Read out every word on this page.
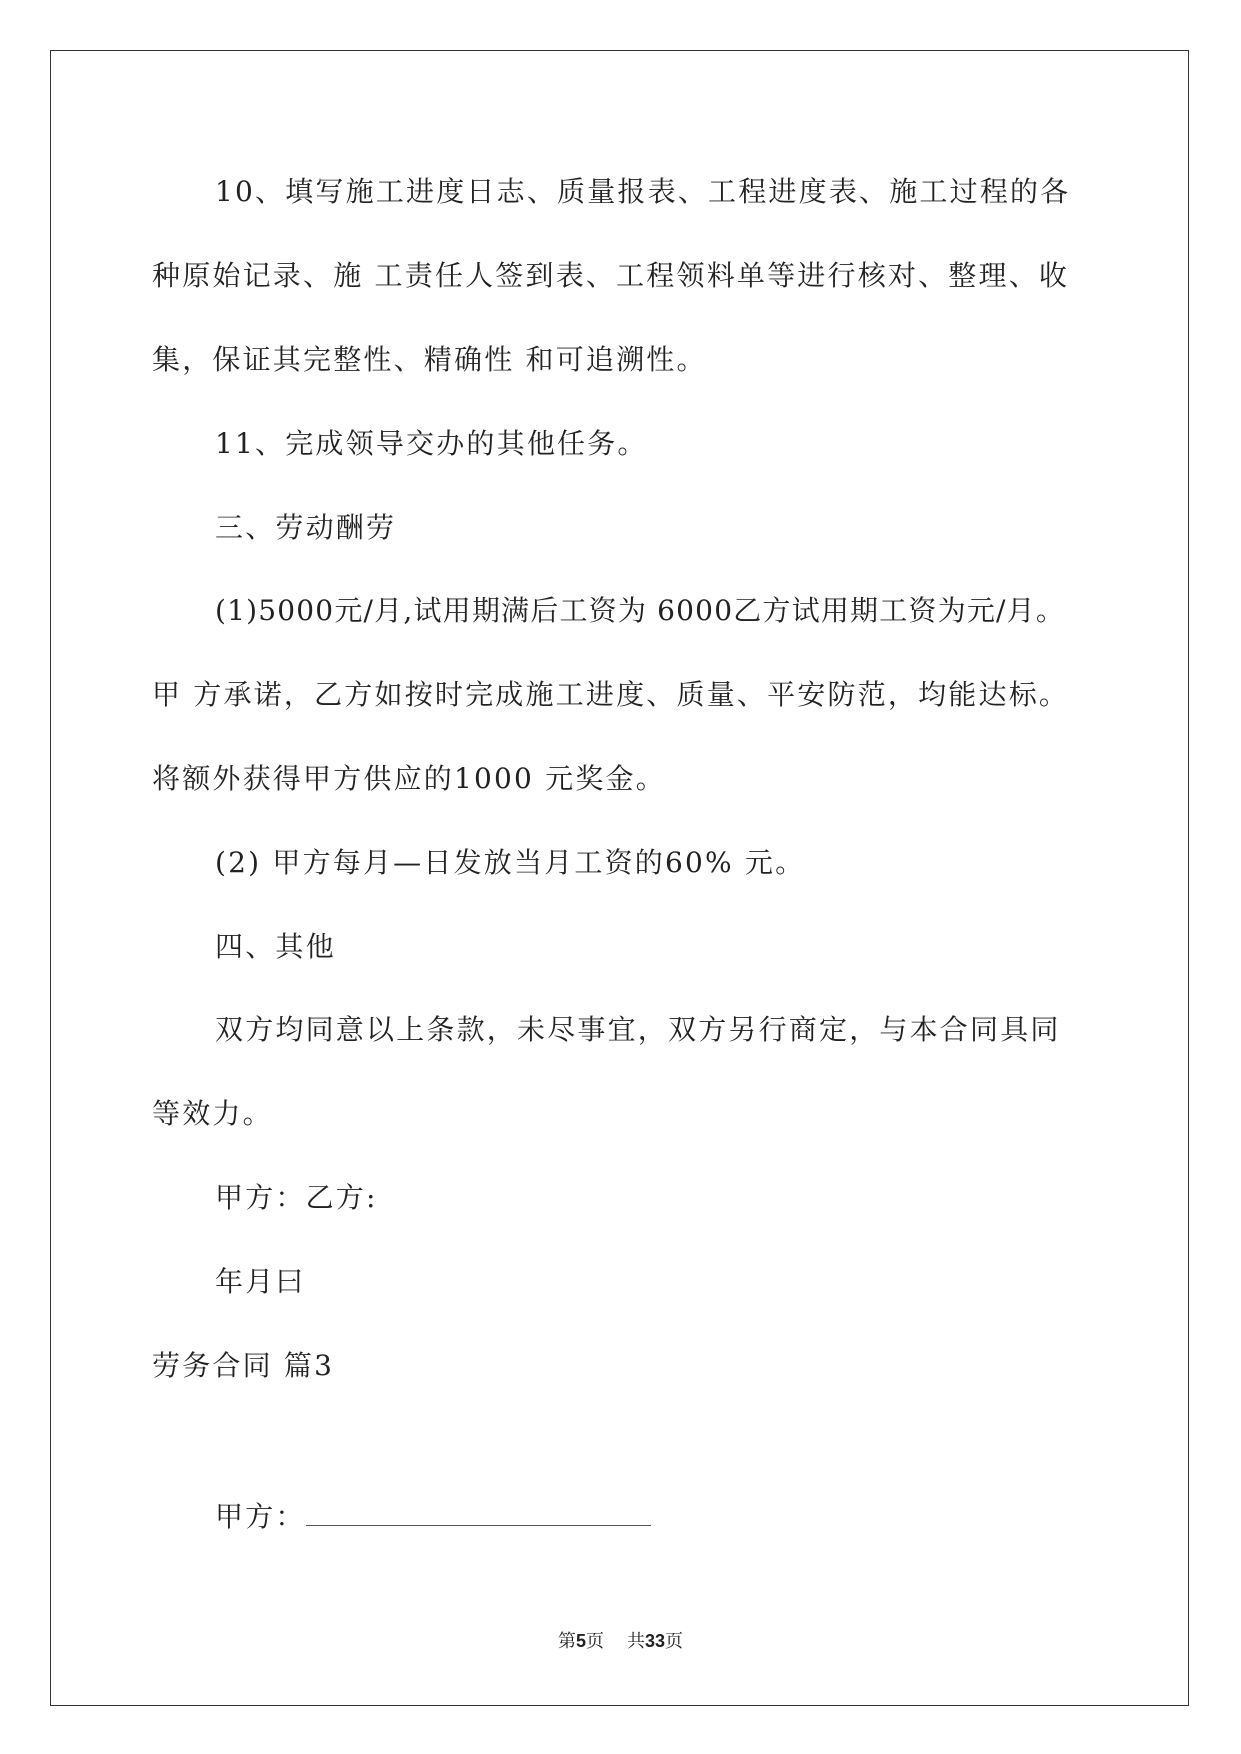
10、填写施工进度日志、质量报表、工程进度表、施工过程的各
种原始记录、施 工责任人签到表、工程领料单等进行核对、整理、收
集，保证其完整性、精确性 和可追溯性。
11、完成领导交办的其他任务。
三、劳动酬劳
(1)5000元/月,试用期满后工资为 6000乙方试用期工资为元/月。
甲 方承诺，乙方如按时完成施工进度、质量、平安防范，均能达标。
将额外获得甲方供应的1000 元奖金。
(2) 甲方每月—日发放当月工资的60% 元。
四、其他
双方均同意以上条款，未尽事宜，双方另行商定，与本合同具同
等效力。
甲方：乙方:
年月曰
劳务合同 篇3
甲方：
第5页 共33页
